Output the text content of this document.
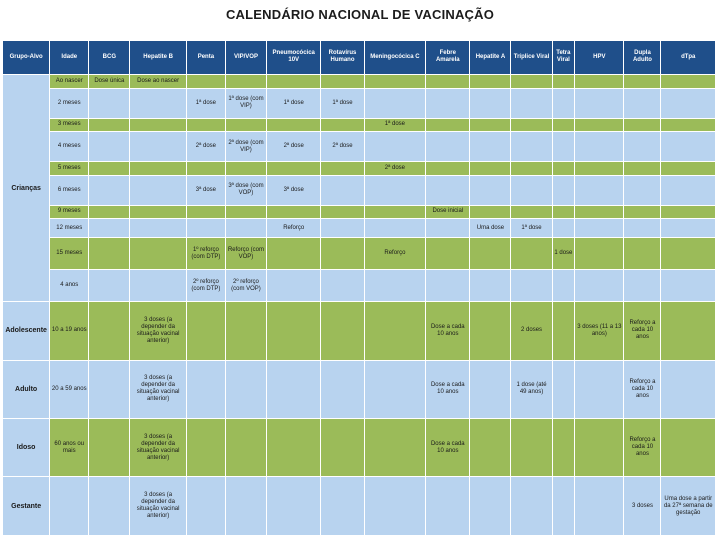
CALENDÁRIO NACIONAL DE VACINAÇÃO
Grupo-Alvo	Idade	BCG	Hepatite B	Penta	VIP/VOP	Pneumocócica 10V	Rotavírus Humano	Meningocócica C	Febre Amarela	Hepatite A	Tríplice Viral	Tetra Viral	HPV	Dupla Adulto	dTpa
Crianças	Ao nascer	Dose única	Dose ao nascer												
	2 meses			1ª dose	1ª dose (com VIP)	1ª dose	1ª dose								
	3 meses							1ª dose							
	4 meses			2ª dose	2ª dose (com VIP)	2ª dose	2ª dose								
	5 meses							2ª dose							
	6 meses			3ª dose	3ª dose (com VOP)	3ª dose									
	9 meses								Dose inicial						
	12 meses					Reforço				Uma dose	1ª dose				
	15 meses			1º reforço (com DTP)	Reforço (com VOP)			Reforço				1 dose			
	4 anos			2º reforço (com DTP)	2º reforço (com VOP)										
Adolescente	10 a 19 anos		3 doses (a depender da situação vacinal anterior)						Dose a cada 10 anos		2 doses		3 doses (11 a 13 anos)	Reforço a cada 10 anos	
Adulto	20 a 59 anos		3 doses (a depender da situação vacinal anterior)						Dose a cada 10 anos		1 dose (até 49 anos)			Reforço a cada 10 anos	
Idoso	60 anos ou mais		3 doses (a depender da situação vacinal anterior)						Dose a cada 10 anos					Reforço a cada 10 anos	
Gestante			3 doses (a depender da situação vacinal anterior)											3 doses	Uma dose a partir da 27ª semana de gestação
